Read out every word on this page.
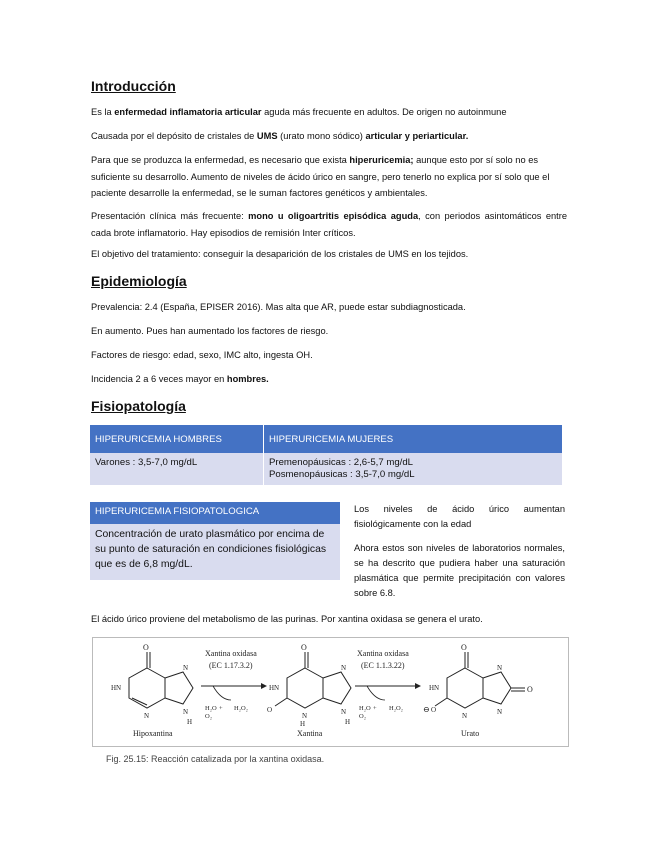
Introducción

Es la enfermedad inflamatoria articular aguda más frecuente en adultos. De origen no autoinmune

Causada por el depósito de cristales de UMS (urato mono sódico) articular y periarticular.

Para que se produzca la enfermedad, es necesario que exista hiperuricemia; aunque esto por sí solo no es suficiente su desarrollo. Aumento de niveles de ácido úrico en sangre, pero tenerlo no explica por sí solo que el paciente desarrolle la enfermedad, se le suman factores genéticos y ambientales.

Presentación clínica más frecuente: mono u oligoartritis episódica aguda, con periodos asintomáticos entre cada brote inflamatorio. Hay episodios de remisión Inter críticos.

El objetivo del tratamiento: conseguir la desaparición de los cristales de UMS en los tejidos.

Epidemiología

Prevalencia: 2.4 (España, EPISER 2016). Mas alta que AR, puede estar subdiagnosticada.

En aumento. Pues han aumentado los factores de riesgo.

Factores de riesgo: edad, sexo, IMC alto, ingesta OH.

Incidencia 2 a 6 veces mayor en hombres.

Fisiopatología
HIPERURICEMIA HOMBRES	HIPERURICEMIA MUJERES
Varones : 3,5-7,0 mg/dL	Premenopáusicas : 2,6-5,7 mg/dL
Posmenopáusicas : 3,5-7,0 mg/dL
HIPERURICEMIA FISIOPATOLOGICA
Concentración de urato plasmático por encima de su punto de saturación en condiciones fisiológicas que es de 6,8 mg/dL.

Los niveles de ácido úrico aumentan fisiológicamente con la edad

Ahora estos son niveles de laboratorios normales, se ha descrito que pudiera haber una saturación plasmática que permite precipitación con valores sobre 6.8.

El ácido úrico proviene del metabolismo de las purinas. Por xantina oxidasa se genera el urato.

O
HN
N
N
N
H
Hipoxantina
Xantina oxidasa
(EC 1.17.3.2)
H₂O +
O₂
H₂O₂
O
HN
O
N
H
N
N
H
Xantina
Xantina oxidasa
(EC 1.1.3.22)
H₂O +
O₂
H₂O₂
O
HN
⊖ O
N
N
N
O
Urato

Fig. 25.15: Reacción catalizada por la xantina oxidasa.
